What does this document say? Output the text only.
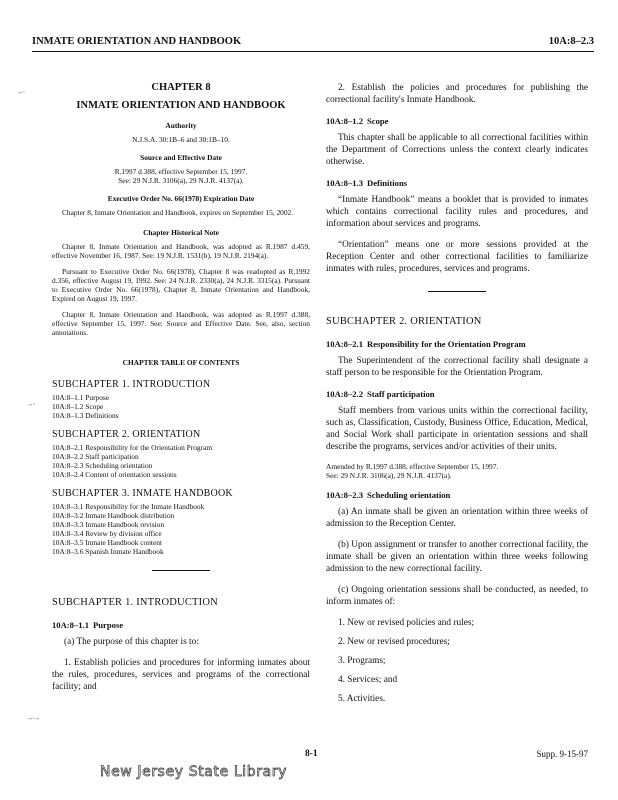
INMATE ORIENTATION AND HANDBOOK	10A:8–2.3
–·
–·
–·–

CHAPTER 8

INMATE ORIENTATION AND HANDBOOK

Authority

N.J.S.A. 30:1B–6 and 30:1B–10.

Source and Effective Date

R.1997 d.388, effective September 15, 1997.
See: 29 N.J.R. 3106(a), 29 N.J.R. 4137(a).

Executive Order No. 66(1978) Expiration Date

Chapter 8, Inmate Orientation and Handbook, expires on September 15, 2002.

Chapter Historical Note

Chapter 8, Inmate Orientation and Handbook, was adopted as R.1987 d.459, effective November 16, 1987. See: 19 N.J.R. 1531(b), 19 N.J.R. 2194(a).

Pursuant to Executive Order No. 66(1978), Chapter 8 was readopted as R.1992 d.356, effective August 19, 1992. See: 24 N.J.R. 2330(a), 24 N.J.R. 3315(a). Pursuant to Executive Order No. 66(1978), Chapter 8, Inmate Orientation and Handbook, Expired on August 19, 1997.

Chapter 8, Inmate Orientation and Handbook, was adopted as R.1997 d.388, effective September 15, 1997. See: Source and Effective Date. See, also, section annotations.

CHAPTER TABLE OF CONTENTS

SUBCHAPTER 1. INTRODUCTION

10A:8–1.1 Purpose
10A:8–1.2 Scope
10A:8–1.3 Definitions

SUBCHAPTER 2. ORIENTATION

10A:8–2.1 Responsibility for the Orientation Program
10A:8–2.2 Staff participation
10A:8–2.3 Scheduling orientation
10A:8–2.4 Content of orientation sessions

SUBCHAPTER 3. INMATE HANDBOOK

10A:8–3.1 Responsibility for the Inmate Handbook
10A:8–3.2 Inmate Handbook distribution
10A:8–3.3 Inmate Handbook revision
10A:8–3.4 Review by division office
10A:8–3.5 Inmate Handbook content
10A:8–3.6 Spanish Inmate Handbook

SUBCHAPTER 1. INTRODUCTION

10A:8–1.1 Purpose

(a) The purpose of this chapter is to:

1. Establish policies and procedures for informing inmates about the rules, procedures, services and programs of the correctional facility; and

2. Establish the policies and procedures for publishing the correctional facility's Inmate Handbook.

10A:8–1.2 Scope

This chapter shall be applicable to all correctional facilities within the Department of Corrections unless the context clearly indicates otherwise.

10A:8–1.3 Definitions

“Inmate Handbook” means a booklet that is provided to inmates which contains correctional facility rules and procedures, and information about services and programs.

“Orientation” means one or more sessions provided at the Reception Center and other correctional facilities to familiarize inmates with rules, procedures, services and programs.

SUBCHAPTER 2. ORIENTATION

10A:8–2.1 Responsibility for the Orientation Program

The Superintendent of the correctional facility shall designate a staff person to be responsible for the Orientation Program.

10A:8–2.2 Staff participation

Staff members from various units within the correctional facility, such as, Classification, Custody, Business Office, Education, Medical, and Social Work shall participate in orientation sessions and shall describe the programs, services and/or activities of their units.

Amended by R.1997 d.388, effective September 15, 1997.
See: 29 N.J.R. 3106(a), 29 N.J.R. 4137(a).

10A:8–2.3 Scheduling orientation

(a) An inmate shall be given an orientation within three weeks of admission to the Reception Center.

(b) Upon assignment or transfer to another correctional facility, the inmate shall be given an orientation within three weeks following admission to the new correctional facility.

(c) Ongoing orientation sessions shall be conducted, as needed, to inform inmates of:

1. New or revised policies and rules;
2. New or revised procedures;
3. Programs;
4. Services; and
5. Activities.
8-1	Supp. 9-15-97
New Jersey State Library
